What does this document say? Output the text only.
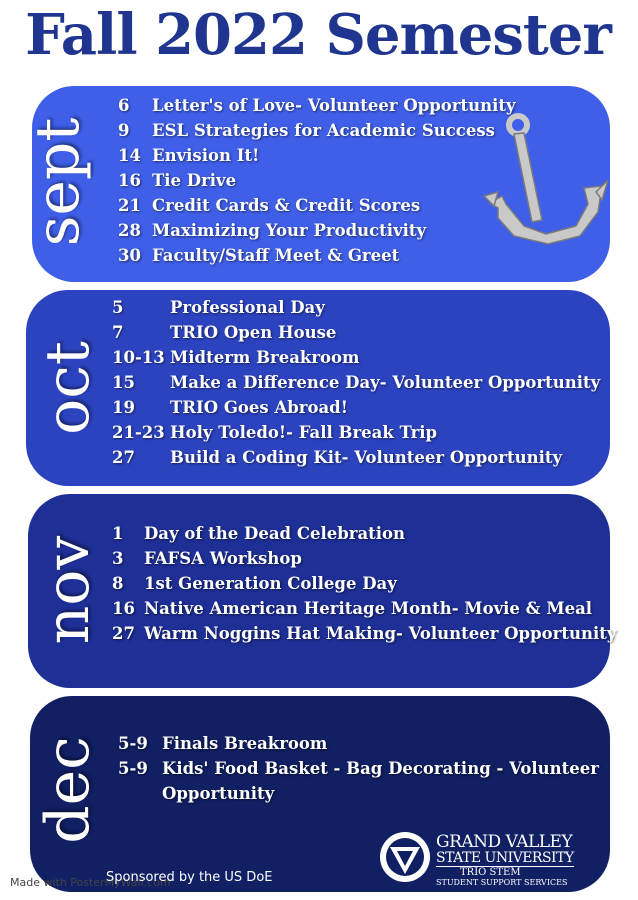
Fall 2022 Semester
sept
6 Letter's of Love- Volunteer Opportunity
9 ESL Strategies for Academic Success
14 Envision It!
16 Tie Drive
21 Credit Cards & Credit Scores
28 Maximizing Your Productivity
30 Faculty/Staff Meet & Greet
oct
5	Professional Day
7	TRIO Open House
10-13 Midterm Breakroom
15 Make a Difference Day- Volunteer Opportunity
19 TRIO Goes Abroad!
21-23 Holy Toledo!- Fall Break Trip
27 Build a Coding Kit- Volunteer Opportunity
nov
1 Day of the Dead Celebration
3 FAFSA Workshop
8 1st Generation College Day
16 Native American Heritage Month- Movie & Meal
27 Warm Noggins Hat Making- Volunteer Opportunity
dec 5-9 Finals Breakroom
5-9 Kids' Food Basket - Bag Decorating - Volunteer
Opportunity
GRAND VALLEY
STATE UNIVERSITY
TRIO STEM
STUDENT SUPPORT SERVICES
Made with PosterMyWall.com
Sponsored by the US DoE
